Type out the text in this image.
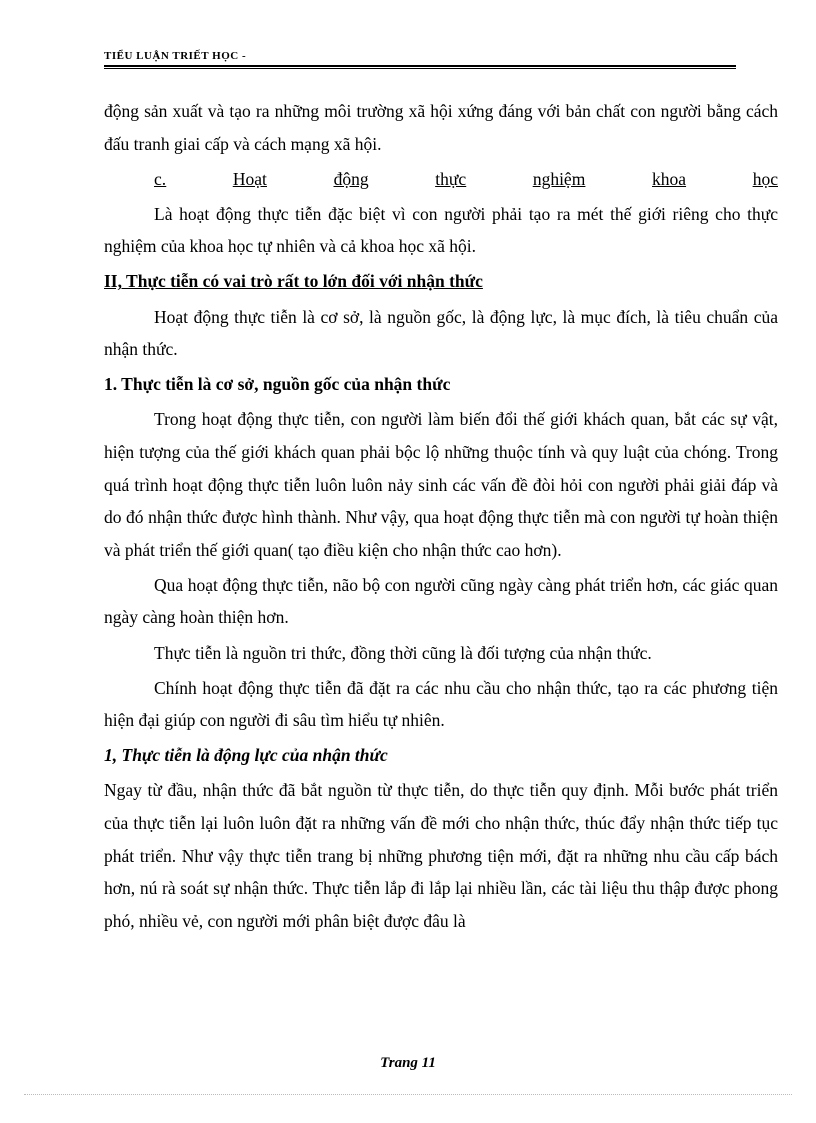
TIỂU LUẬN TRIẾT HỌC -

động sản xuất và tạo ra những môi trường xã hội xứng đáng với bản chất con người bằng cách đấu tranh giai cấp và cách mạng xã hội.

c.	Hoạt	động	thực	nghiệm	khoa	học

Là hoạt động thực tiễn đặc biệt vì con người phải tạo ra mét thế giới riêng cho thực nghiệm của khoa học tự nhiên và cả khoa học xã hội.

II, Thực tiễn có vai trò rất to lớn đối với nhận thức

Hoạt động thực tiễn là cơ sở, là nguồn gốc, là động lực, là mục đích, là tiêu chuẩn của nhận thức.

1. Thực tiễn là cơ sở, nguồn gốc của nhận thức

Trong hoạt động thực tiễn, con người làm biến đổi thế giới khách quan, bắt các sự vật, hiện tượng của thế giới khách quan phải bộc lộ những thuộc tính và quy luật của chóng. Trong quá trình hoạt động thực tiễn luôn luôn nảy sinh các vấn đề đòi hỏi con người phải giải đáp và do đó nhận thức được hình thành. Như vậy, qua hoạt động thực tiễn mà con người tự hoàn thiện và phát triển thế giới quan( tạo điều kiện cho nhận thức cao hơn).

Qua hoạt động thực tiễn, não bộ con người cũng ngày càng phát triển hơn, các giác quan ngày càng hoàn thiện hơn.

Thực tiễn là nguồn tri thức, đồng thời cũng là đối tượng của nhận thức.

Chính hoạt động thực tiễn đã đặt ra các nhu cầu cho nhận thức, tạo ra các phương tiện hiện đại giúp con người đi sâu tìm hiểu tự nhiên.

1, Thực tiễn là động lực của nhận thức

Ngay từ đầu, nhận thức đã bắt nguồn từ thực tiễn, do thực tiễn quy định. Mỗi bước phát triển của thực tiễn lại luôn luôn đặt ra những vấn đề mới cho nhận thức, thúc đẩy nhận thức tiếp tục phát triển. Như vậy thực tiễn trang bị những phương tiện mới, đặt ra những nhu cầu cấp bách hơn, nú rà soát sự nhận thức. Thực tiễn lắp đi lắp lại nhiều lần, các tài liệu thu thập được phong phó, nhiều vẻ, con người mới phân biệt được đâu là

Trang 11
